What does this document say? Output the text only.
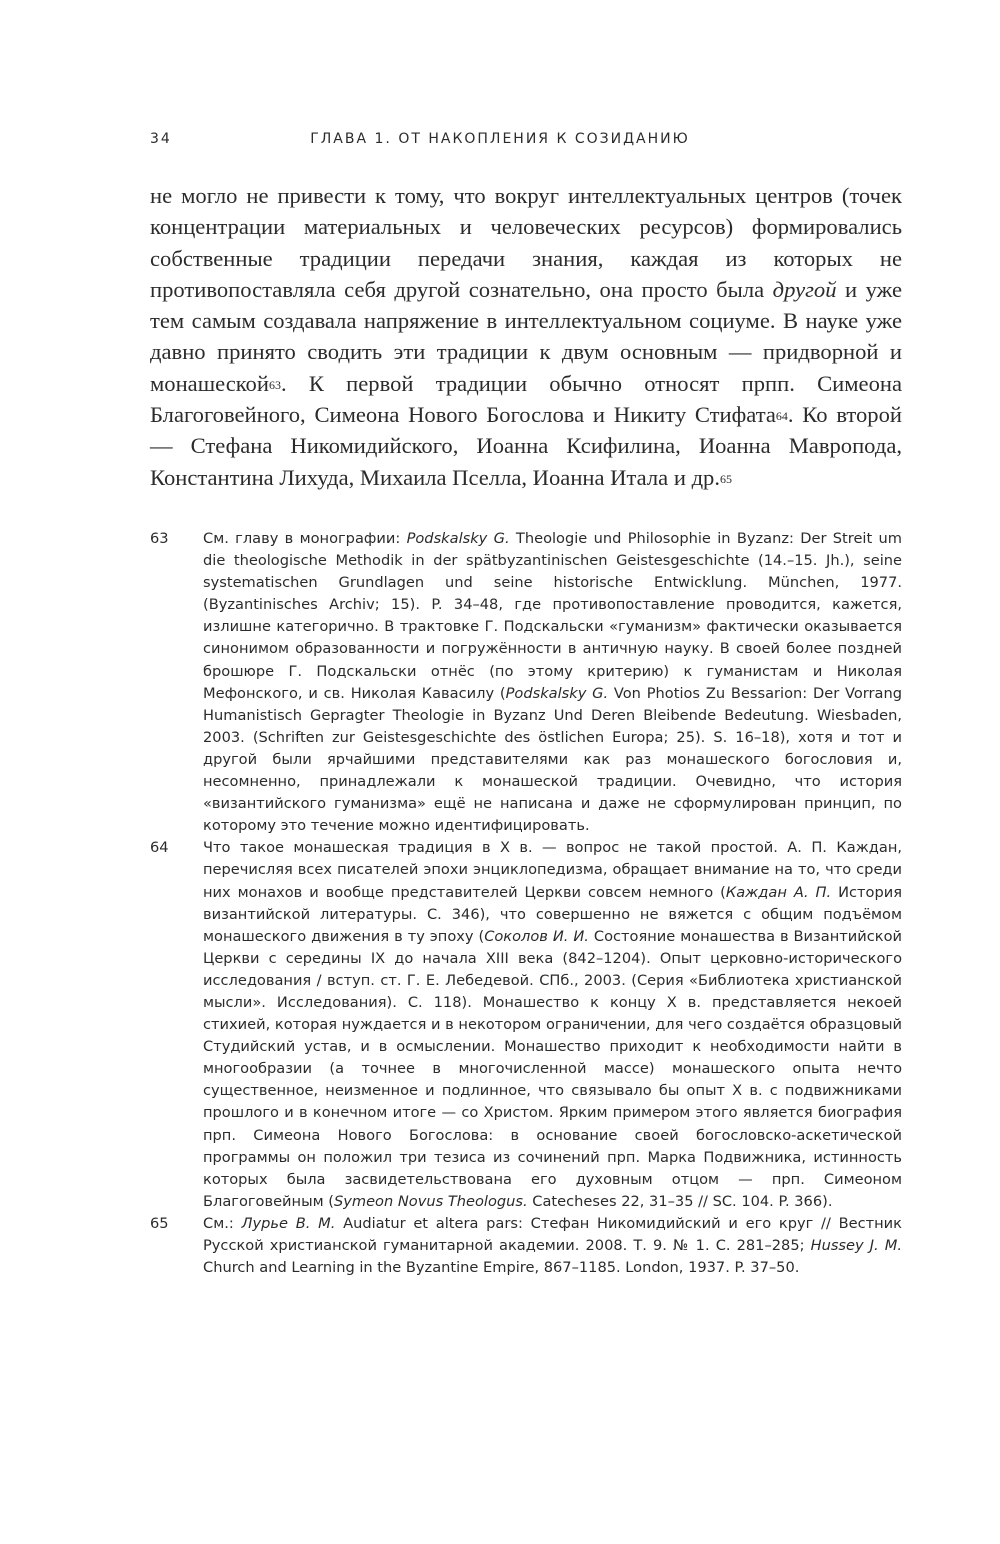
34	ГЛАВА 1. ОТ НАКОПЛЕНИЯ К СОЗИДАНИЮ

не могло не привести к тому, что вокруг интеллектуальных центров (точек концентрации материальных и человеческих ресурсов) формировались собственные традиции передачи знания, каждая из которых не противопоставляла себя другой сознательно, она просто была другой и уже тем самым создавала напряжение в интеллектуальном социуме. В науке уже давно принято сводить эти традиции к двум основным — придворной и монашеской$^{63}$. К первой традиции обычно относят прпп. Симеона Благоговейного, Симеона Нового Богослова и Никиту Стифата$^{64}$. Ко второй — Стефана Никомидийского, Иоанна Ксифилина, Иоанна Мавропода, Константина Лихуда, Михаила Пселла, Иоанна Итала и др.$^{65}$

63	См. главу в монографии: Podskalsky G. Theologie und Philosophie in Byzanz: Der Streit um die theologische Methodik in der spätbyzantinischen Geistesgeschichte (14.–15. Jh.), seine systematischen Grundlagen und seine historische Entwicklung. München, 1977. (Byzantinisches Archiv; 15). P. 34–48, где противопоставление проводится, кажется, излишне категорично. В трактовке Г. Подскальски «гуманизм» фактически оказывается синонимом образованности и погружённости в античную науку. В своей более поздней брошюре Г. Подскальски отнёс (по этому критерию) к гуманистам и Николая Мефонского, и св. Николая Кавасилу (Podskalsky G. Von Photios Zu Bessarion: Der Vorrang Humanistisch Gepragter Theologie in Byzanz Und Deren Bleibende Bedeutung. Wiesbaden, 2003. (Schriften zur Geistesgeschichte des östlichen Europa; 25). S. 16–18), хотя и тот и другой были ярчайшими представителями как раз монашеского богословия и, несомненно, принадлежали к монашеской традиции. Очевидно, что история «византийского гуманизма» ещё не написана и даже не сформулирован принцип, по которому это течение можно идентифицировать.
64	Что такое монашеская традиция в X в. — вопрос не такой простой. А. П. Каждан, перечисляя всех писателей эпохи энциклопедизма, обращает внимание на то, что среди них монахов и вообще представителей Церкви совсем немного (Каждан А. П. История византийской литературы. С. 346), что совершенно не вяжется с общим подъёмом монашеского движения в ту эпоху (Соколов И. И. Состояние монашества в Византийской Церкви с середины IX до начала XIII века (842–1204). Опыт церковно-исторического исследования / вступ. ст. Г. Е. Лебедевой. СПб., 2003. (Серия «Библиотека христианской мысли». Исследования). С. 118). Монашество к концу X в. представляется некоей стихией, которая нуждается и в некотором ограничении, для чего создаётся образцовый Студийский устав, и в осмыслении. Монашество приходит к необходимости найти в многообразии (а точнее в многочисленной массе) монашеского опыта нечто существенное, неизменное и подлинное, что связывало бы опыт X в. с подвижниками прошлого и в конечном итоге — со Христом. Ярким примером этого является биография прп. Симеона Нового Богослова: в основание своей богословско-аскетической программы он положил три тезиса из сочинений прп. Марка Подвижника, истинность которых была засвидетельствована его духовным отцом — прп. Симеоном Благоговейным (Symeon Novus Theologus. Catecheses 22, 31–35 // SC. 104. P. 366).
65	См.: Лурье В. М. Audiatur et altera pars: Стефан Никомидийский и его круг // Вестник Русской христианской гуманитарной академии. 2008. Т. 9. № 1. С. 281–285; Hussey J. M. Church and Learning in the Byzantine Empire, 867–1185. London, 1937. P. 37–50.
